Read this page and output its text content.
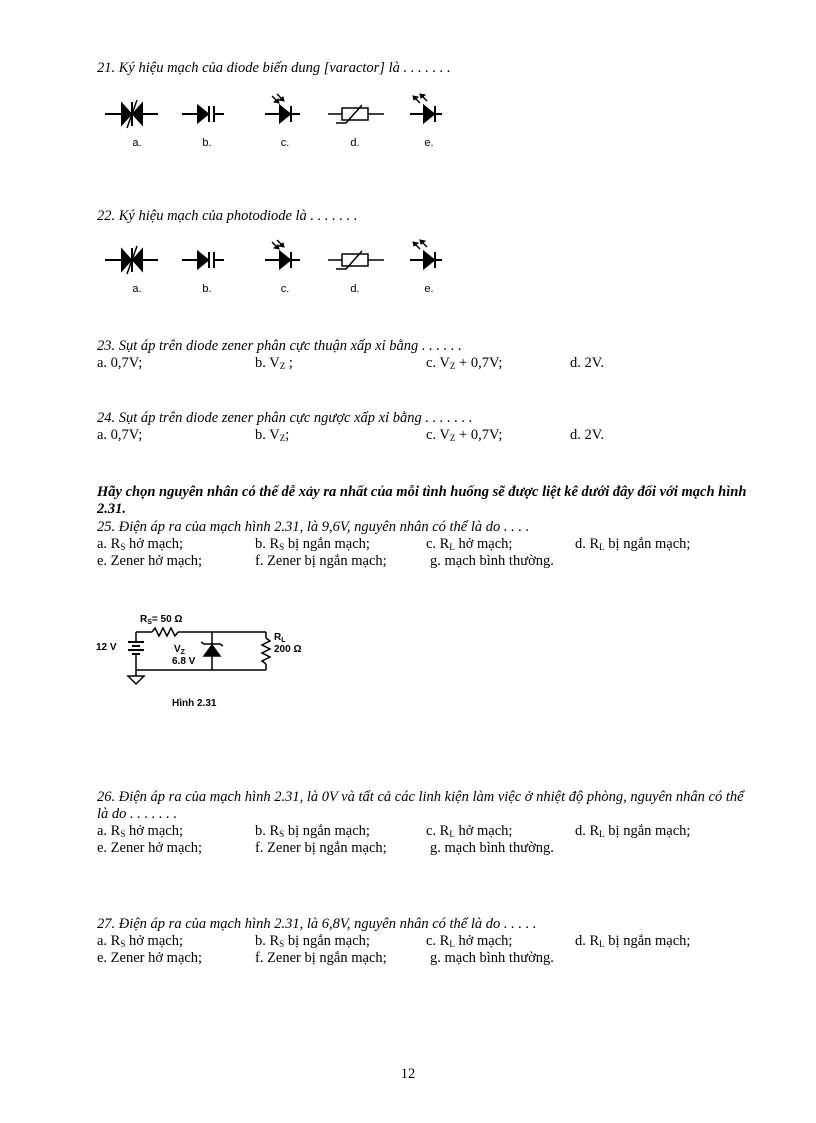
21. Ký hiệu mạch của diode biến dung [varactor] là . . . . . . .
a.	b.	c.	d.	e.
22. Ký hiệu mạch của photodiode là . . . . . . .
a.	b.	c.	d.	e.
23. Sụt áp trên diode zener phân cực thuận xấp xỉ bằng . . . . . .
a. 0,7V;	b. $V_Z$ ;	c. $V_Z + 0,7V$;	d. 2V.
24. Sụt áp trên diode zener phân cực ngược xấp xỉ bằng . . . . . . .
a. 0,7V;	b. $V_Z$;	c. $V_Z + 0,7V$;	d. 2V.
Hãy chọn nguyên nhân có thể dễ xảy ra nhất của mỗi tình huống sẽ được liệt kê dưới đây đối với mạch hình 2.31.
25. Điện áp ra của mạch hình 2.31, là 9,6V, nguyên nhân có thể là do . . . .
a. $R_S$ hở mạch;	b. $R_S$ bị ngắn mạch;	c. $R_L$ hở mạch;	d. $R_L$ bị ngắn mạch;
e. Zener hở mạch;	f. Zener bị ngắn mạch;	g. mạch bình thường.
$R_S= 50$ Ω
12 V	$V_Z$
6.8 V
$R_L$
200 Ω
Hình 2.31
26. Điện áp ra của mạch hình 2.31, là 0V và tất cả các linh kiện làm việc ở nhiệt độ phòng, nguyên nhân có thể là do . . . . . . .
a. $R_S$ hở mạch;	b. $R_S$ bị ngắn mạch;	c. $R_L$ hở mạch;	d. $R_L$ bị ngắn mạch;
e. Zener hở mạch;	f. Zener bị ngắn mạch;	g. mạch bình thường.
27. Điện áp ra của mạch hình 2.31, là 6,8V, nguyên nhân có thể là do . . . . .
a. $R_S$ hở mạch;	b. $R_S$ bị ngắn mạch;	c. $R_L$ hở mạch;	d. $R_L$ bị ngắn mạch;
e. Zener hở mạch;	f. Zener bị ngắn mạch;	g. mạch bình thường.
12
